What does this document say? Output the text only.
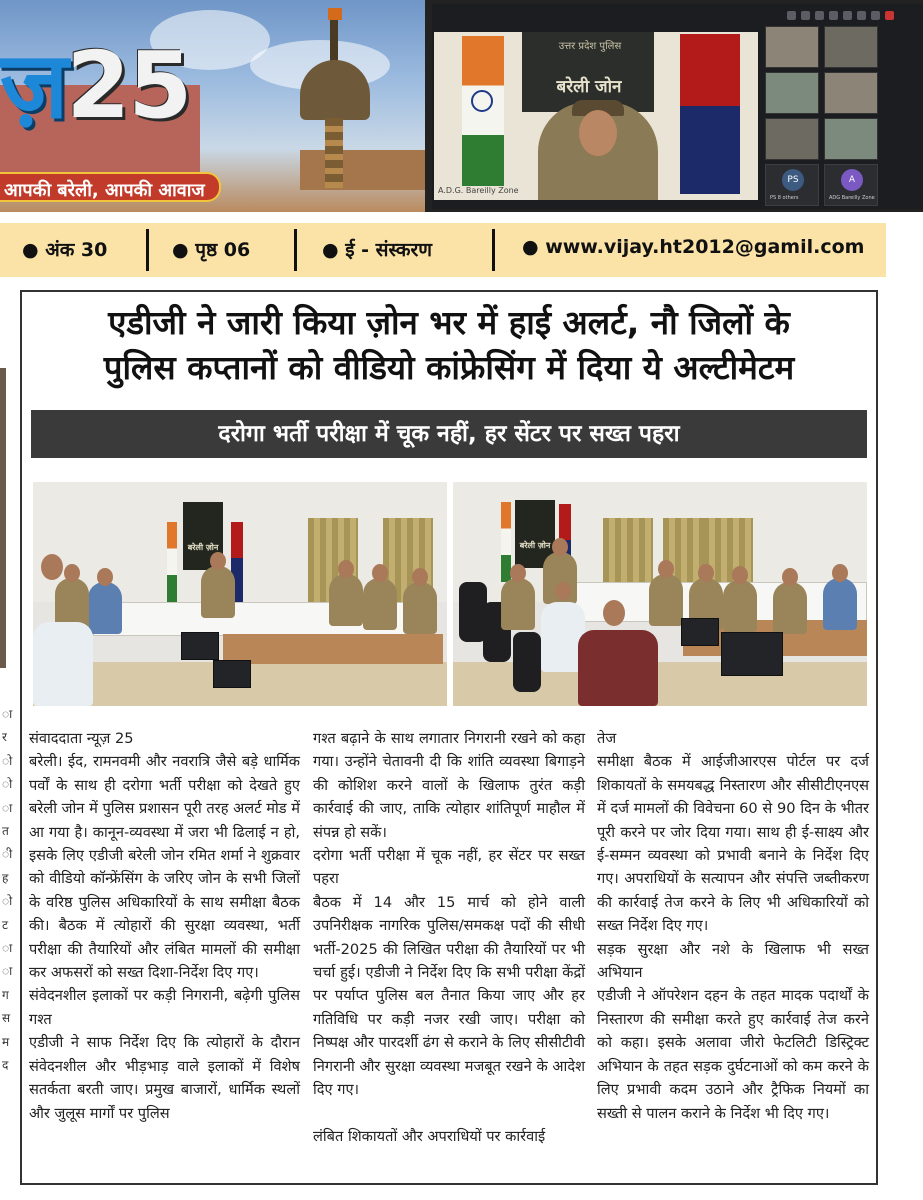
ज़25
आपकी बरेली, आपकी आवाज
उत्तर प्रदेश पुलिस
बरेली जोन
A.D.G. Bareilly Zone
PS
PS 8 others
A
ADG Bareilly Zone
● अंक 30	● पृष्ठ 06	● ई - संस्करण	● www.vijay.ht2012@gamil.com
ा
र
ो
ो
ा
त
ी
ह
ो
ट
ा
ा
ग
स
म
द
एडीजी ने जारी किया ज़ोन भर में हाई अलर्ट, नौ जिलों के
पुलिस कप्तानों को वीडियो कांफ्रेसिंग में दिया ये अल्टीमेटम
दरोगा भर्ती परीक्षा में चूक नहीं, हर सेंटर पर सख्त पहरा
बरेली ज़ोन	बरेली ज़ोन

संवाददाता न्यूज़ 25

बरेली। ईद, रामनवमी और नवरात्रि जैसे बड़े धार्मिक पर्वों के साथ ही दरोगा भर्ती परीक्षा को देखते हुए बरेली जोन में पुलिस प्रशासन पूरी तरह अलर्ट मोड में आ गया है। कानून-व्यवस्था में जरा भी ढिलाई न हो, इसके लिए एडीजी बरेली जोन रमित शर्मा ने शुक्रवार को वीडियो कॉन्फ्रेंसिंग के जरिए जोन के सभी जिलों के वरिष्ठ पुलिस अधिकारियों के साथ समीक्षा बैठक की। बैठक में त्योहारों की सुरक्षा व्यवस्था, भर्ती परीक्षा की तैयारियों और लंबित मामलों की समीक्षा कर अफसरों को सख्त दिशा-निर्देश दिए गए।

संवेदनशील इलाकों पर कड़ी निगरानी, बढ़ेगी पुलिस गश्त

एडीजी ने साफ निर्देश दिए कि त्योहारों के दौरान संवेदनशील और भीड़भाड़ वाले इलाकों में विशेष सतर्कता बरती जाए। प्रमुख बाजारों, धार्मिक स्थलों और जुलूस मार्गों पर पुलिस

गश्त बढ़ाने के साथ लगातार निगरानी रखने को कहा गया। उन्होंने चेतावनी दी कि शांति व्यवस्था बिगाड़ने की कोशिश करने वालों के खिलाफ तुरंत कड़ी कार्रवाई की जाए, ताकि त्योहार शांतिपूर्ण माहौल में संपन्न हो सकें।

दरोगा भर्ती परीक्षा में चूक नहीं, हर सेंटर पर सख्त पहरा

बैठक में 14 और 15 मार्च को होने वाली उपनिरीक्षक नागरिक पुलिस/समकक्ष पदों की सीधी भर्ती-2025 की लिखित परीक्षा की तैयारियों पर भी चर्चा हुई। एडीजी ने निर्देश दिए कि सभी परीक्षा केंद्रों पर पर्याप्त पुलिस बल तैनात किया जाए और हर गतिविधि पर कड़ी नजर रखी जाए। परीक्षा को निष्पक्ष और पारदर्शी ढंग से कराने के लिए सीसीटीवी निगरानी और सुरक्षा व्यवस्था मजबूत रखने के आदेश दिए गए।

लंबित शिकायतों और अपराधियों पर कार्रवाई

तेज

समीक्षा बैठक में आईजीआरएस पोर्टल पर दर्ज शिकायतों के समयबद्ध निस्तारण और सीसीटीएनएस में दर्ज मामलों की विवेचना 60 से 90 दिन के भीतर पूरी करने पर जोर दिया गया। साथ ही ई-साक्ष्य और ई-सम्मन व्यवस्था को प्रभावी बनाने के निर्देश दिए गए। अपराधियों के सत्यापन और संपत्ति जब्तीकरण की कार्रवाई तेज करने के लिए भी अधिकारियों को सख्त निर्देश दिए गए।

सड़क सुरक्षा और नशे के खिलाफ भी सख्त अभियान

एडीजी ने ऑपरेशन दहन के तहत मादक पदार्थों के निस्तारण की समीक्षा करते हुए कार्रवाई तेज करने को कहा। इसके अलावा जीरो फेटलिटी डिस्ट्रिक्ट अभियान के तहत सड़क दुर्घटनाओं को कम करने के लिए प्रभावी कदम उठाने और ट्रैफिक नियमों का सख्ती से पालन कराने के निर्देश भी दिए गए।
